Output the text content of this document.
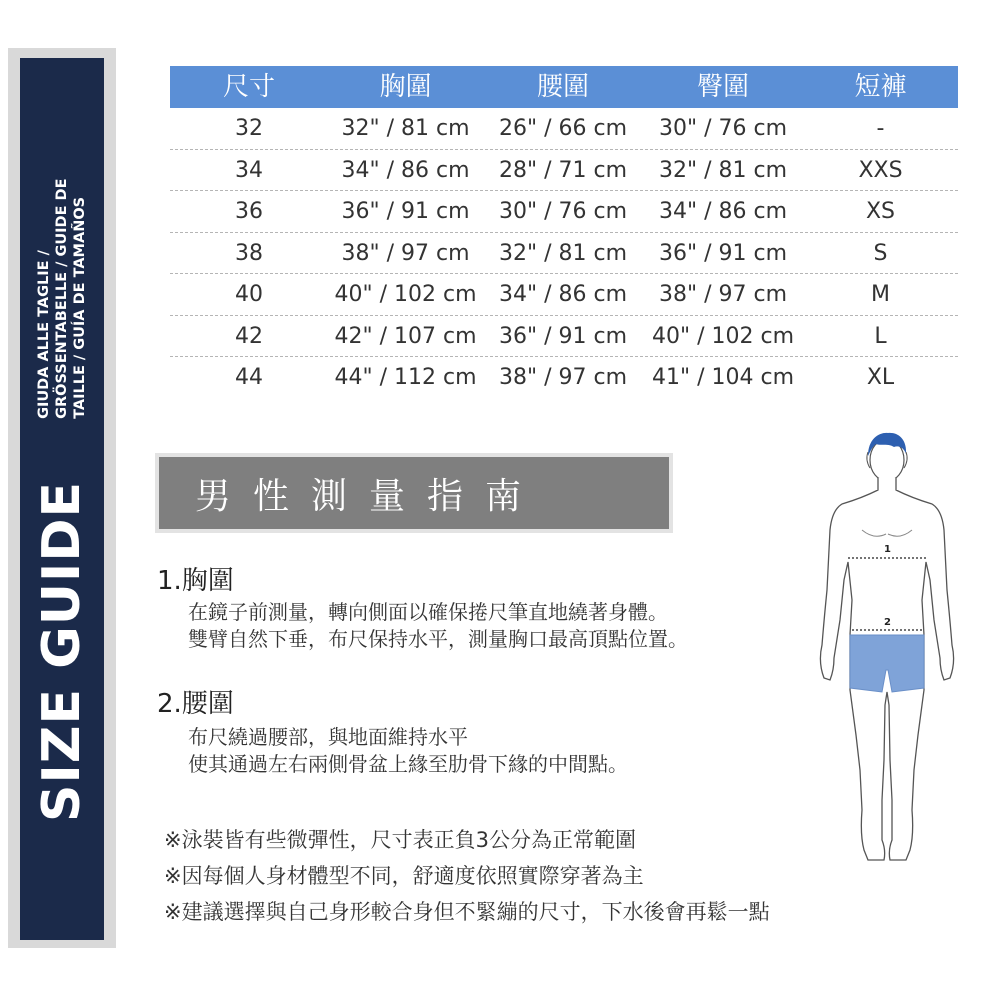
SIZE GUIDE
GIUDA ALLE TAGLIE / GRÖSSENTABELLE / GUIDE DE TAILLE / GUÍA DE TAMAÑOS
尺寸	胸圍	腰圍	臀圍	短褲
32	32" / 81 cm	26" / 66 cm	30" / 76 cm	-
34	34" / 86 cm	28" / 71 cm	32" / 81 cm	XXS
36	36" / 91 cm	30" / 76 cm	34" / 86 cm	XS
38	38" / 97 cm	32" / 81 cm	36" / 91 cm	S
40	40" / 102 cm	34" / 86 cm	38" / 97 cm	M
42	42" / 107 cm	36" / 91 cm	40" / 102 cm	L
44	44" / 112 cm	38" / 97 cm	41" / 104 cm	XL
男性測量指南
1.胸圍
在鏡子前測量，轉向側面以確保捲尺筆直地繞著身體。
雙臂自然下垂，布尺保持水平，測量胸口最高頂點位置。
2.腰圍
布尺繞過腰部，與地面維持水平
使其通過左右兩側骨盆上緣至肋骨下緣的中間點。
※泳裝皆有些微彈性，尺寸表正負3公分為正常範圍
※因每個人身材體型不同，舒適度依照實際穿著為主
※建議選擇與自己身形較合身但不緊繃的尺寸，下水後會再鬆一點
1
2
